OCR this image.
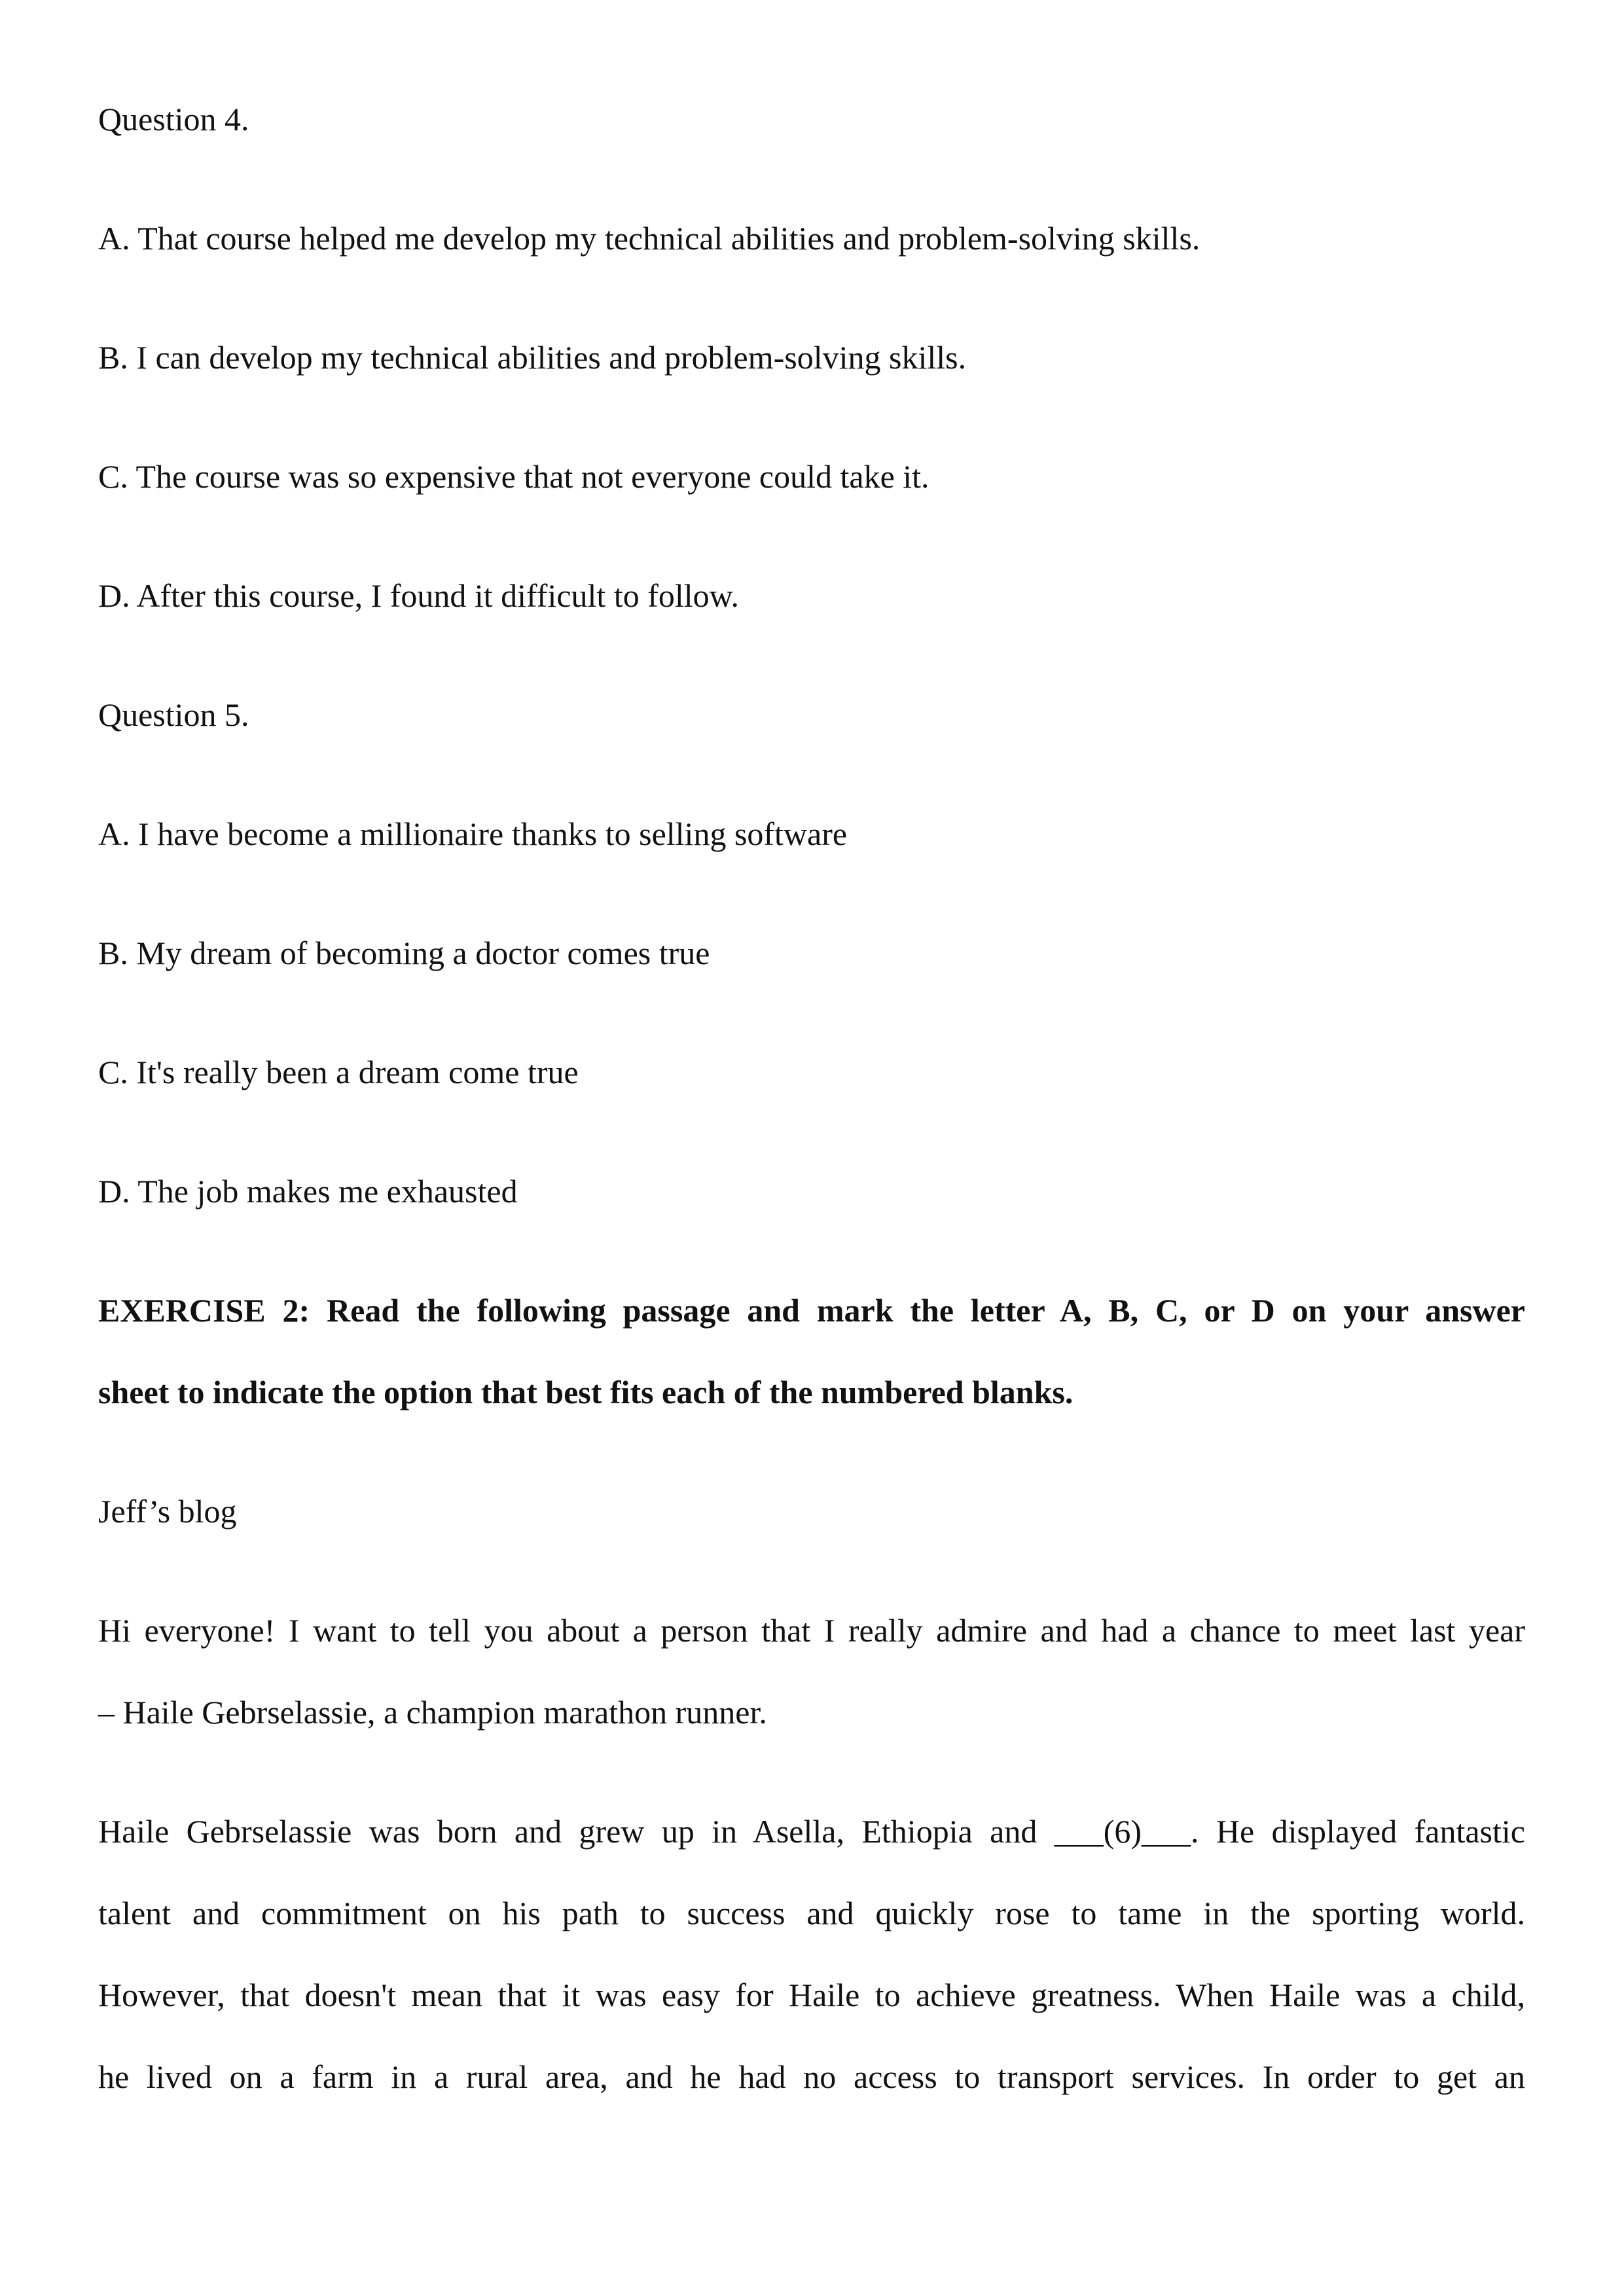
Question 4.

A. That course helped me develop my technical abilities and problem-solving skills.

B. I can develop my technical abilities and problem-solving skills.

C. The course was so expensive that not everyone could take it.

D. After this course, I found it difficult to follow.

Question 5.

A. I have become a millionaire thanks to selling software

B. My dream of becoming a doctor comes true

C. It's really been a dream come true

D. The job makes me exhausted

EXERCISE 2: Read the following passage and mark the letter A, B, C, or D on your answer

sheet to indicate the option that best fits each of the numbered blanks.

Jeff’s blog

Hi everyone! I want to tell you about a person that I really admire and had a chance to meet last year

– Haile Gebrselassie, a champion marathon runner.

Haile Gebrselassie was born and grew up in Asella, Ethiopia and ___(6)___. He displayed fantastic

talent and commitment on his path to success and quickly rose to tame in the sporting world.

However, that doesn't mean that it was easy for Haile to achieve greatness. When Haile was a child,

he lived on a farm in a rural area, and he had no access to transport services. In order to get an
